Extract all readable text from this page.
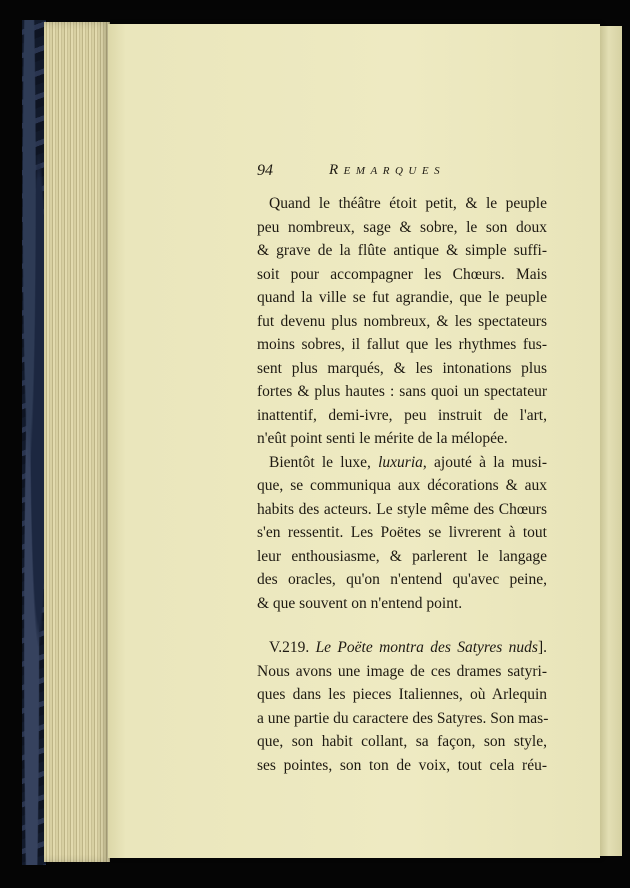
94	Remarques

Quand le théâtre étoit petit, & le peuple
peu nombreux, sage & sobre, le son doux
& grave de la flûte antique & simple suffi-
soit pour accompagner les Chœurs. Mais
quand la ville se fut agrandie, que le peuple
fut devenu plus nombreux, & les spectateurs
moins sobres, il fallut que les rhythmes fus-
sent plus marqués, & les intonations plus
fortes & plus hautes : sans quoi un spectateur
inattentif, demi-ivre, peu instruit de l'art,
n'eût point senti le mérite de la mélopée.

Bientôt le luxe, luxuria, ajouté à la musi-
que, se communiqua aux décorations & aux
habits des acteurs. Le style même des Chœurs
s'en ressentit. Les Poëtes se livrerent à tout
leur enthousiasme, & parlerent le langage
des oracles, qu'on n'entend qu'avec peine,
& que souvent on n'entend point.

V.219. Le Poëte montra des Satyres nuds].
Nous avons une image de ces drames satyri-
ques dans les pieces Italiennes, où Arlequin
a une partie du caractere des Satyres. Son mas-
que, son habit collant, sa façon, son style,
ses pointes, son ton de voix, tout cela réu-
